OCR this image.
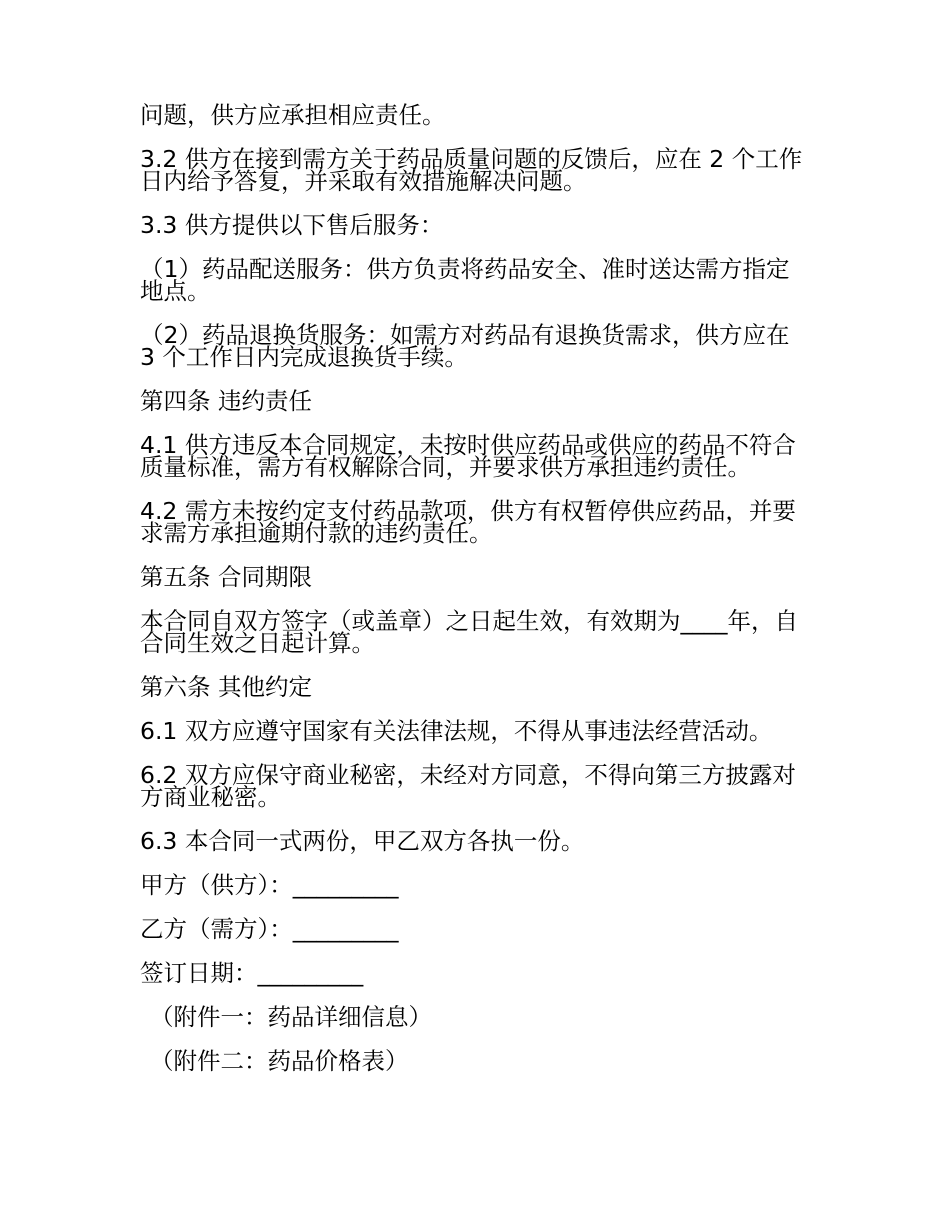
问题，供方应承担相应责任。

3.2 供方在接到需方关于药品质量问题的反馈后，应在 2 个工作日内给予答复，并采取有效措施解决问题。

3.3 供方提供以下售后服务：

（1）药品配送服务：供方负责将药品安全、准时送达需方指定地点。

（2）药品退换货服务：如需方对药品有退换货需求，供方应在 3 个工作日内完成退换货手续。

第四条 违约责任

4.1 供方违反本合同规定，未按时供应药品或供应的药品不符合质量标准，需方有权解除合同，并要求供方承担违约责任。

4.2 需方未按约定支付药品款项，供方有权暂停供应药品，并要求需方承担逾期付款的违约责任。

第五条 合同期限

本合同自双方签字（或盖章）之日起生效，有效期为____年，自合同生效之日起计算。

第六条 其他约定

6.1 双方应遵守国家有关法律法规，不得从事违法经营活动。

6.2 双方应保守商业秘密，未经对方同意，不得向第三方披露对方商业秘密。

6.3 本合同一式两份，甲乙双方各执一份。

甲方（供方）：_________

乙方（需方）：_________

签订日期：_________

（附件一：药品详细信息）

（附件二：药品价格表）
